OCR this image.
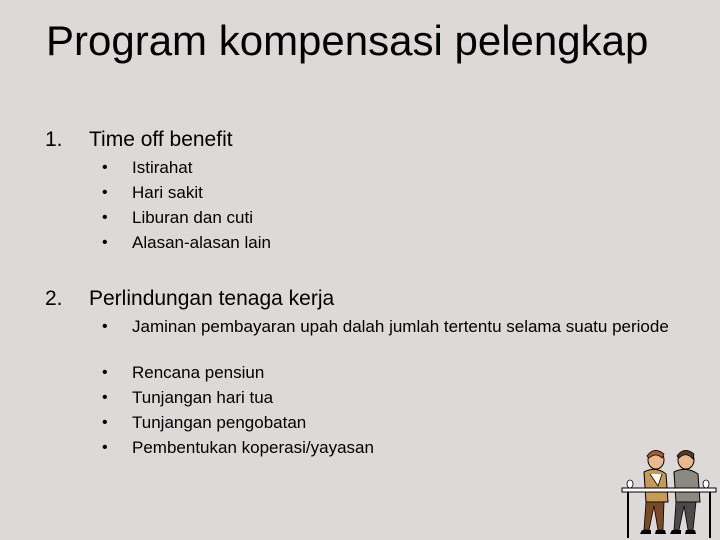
Program kompensasi pelengkap
1. Time off benefit
• Istirahat
• Hari sakit
• Liburan dan cuti
• Alasan-alasan lain
2. Perlindungan tenaga kerja
• Jaminan pembayaran upah dalah jumlah tertentu selama suatu periode
• Rencana pensiun
• Tunjangan hari tua
• Tunjangan pengobatan
• Pembentukan koperasi/yayasan
